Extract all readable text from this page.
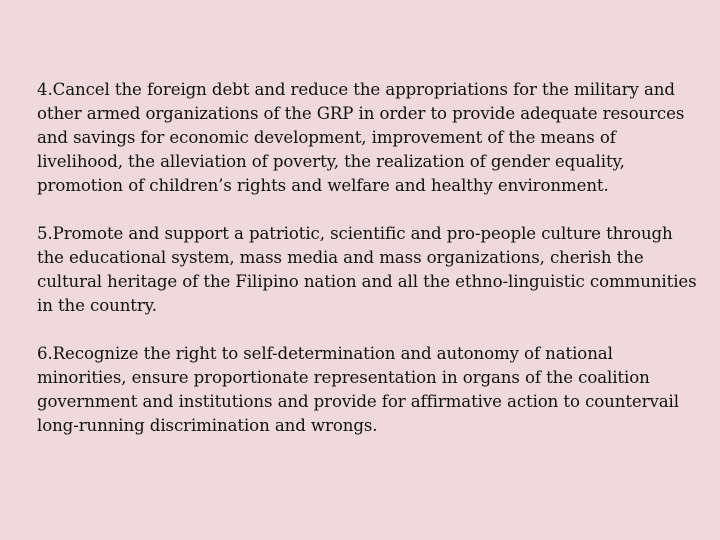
4.Cancel the foreign debt and reduce the appropriations for the military and other armed organizations of the GRP in order to provide adequate resources and savings for economic development, improvement of the means of livelihood, the alleviation of poverty, the realization of gender equality, promotion of children’s rights and welfare and healthy environment.

5.Promote and support a patriotic, scientific and pro-people culture through the educational system, mass media and mass organizations, cherish the cultural heritage of the Filipino nation and all the ethno-linguistic communities in the country.

6.Recognize the right to self-determination and autonomy of national minorities, ensure proportionate representation in organs of the coalition government and institutions and provide for affirmative action to countervail long-running discrimination and wrongs.
